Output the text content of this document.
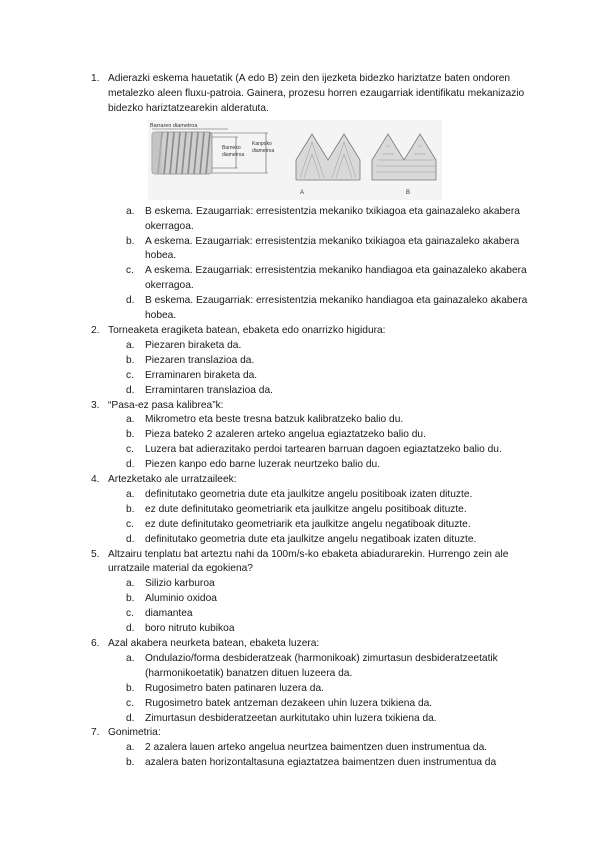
1. Adierazki eskema hauetatik (A edo B) zein den ijezketa bidezko hariztatze baten ondoren metalezko aleen fluxu-patroia. Gainera, prozesu horren ezaugarriak identifikatu mekanizazio bidezko hariztatzearekin alderatuta.
Barraren diametroa
Barneko
diametroa
Kanpoko
diametroa
A	B
a. B eskema. Ezaugarriak: erresistentzia mekaniko txikiagoa eta gainazaleko akabera okerragoa.
b. A eskema. Ezaugarriak: erresistentzia mekaniko txikiagoa eta gainazaleko akabera hobea.
c. A eskema. Ezaugarriak: erresistentzia mekaniko handiagoa eta gainazaleko akabera okerragoa.
d. B eskema. Ezaugarriak: erresistentzia mekaniko handiagoa eta gainazaleko akabera hobea.
2. Torneaketa eragiketa batean, ebaketa edo onarrizko higidura:
a. Piezaren biraketa da.
b. Piezaren translazioa da.
c. Erraminaren biraketa da.
d. Erramintaren translazioa da.
3. “Pasa-ez pasa kalibrea”k:
a. Mikrometro eta beste tresna batzuk kalibratzeko balio du.
b. Pieza bateko 2 azaleren arteko angelua egiaztatzeko balio du.
c. Luzera bat adierazitako perdoi tartearen barruan dagoen egiaztatzeko balio du.
d. Piezen kanpo edo barne luzerak neurtzeko balio du.
4. Artezketako ale urratzaileek:
a. definitutako geometria dute eta jaulkitze angelu positiboak izaten dituzte.
b. ez dute definitutako geometriarik eta jaulkitze angelu positiboak dituzte.
c. ez dute definitutako geometriarik eta jaulkitze angelu negatiboak dituzte.
d. definitutako geometria dute eta jaulkitze angelu negatiboak izaten dituzte.
5. Altzairu tenplatu bat arteztu nahi da 100m/s-ko ebaketa abiadurarekin. Hurrengo zein ale urratzaile material da egokiena?
a. Silizio karburoa
b. Aluminio oxidoa
c. diamantea
d. boro nitruto kubikoa
6. Azal akabera neurketa batean, ebaketa luzera:
a. Ondulazio/forma desbideratzeak (harmonikoak) zimurtasun desbideratzeetatik (harmonikoetatik) banatzen dituen luzeera da.
b. Rugosimetro baten patinaren luzera da.
c. Rugosimetro batek antzeman dezakeen uhin luzera txikiena da.
d. Zimurtasun desbideratzeetan aurkitutako uhin luzera txikiena da.
7. Gonimetria:
a. 2 azalera lauen arteko angelua neurtzea baimentzen duen instrumentua da.
b. azalera baten horizontaltasuna egiaztatzea baimentzen duen instrumentua da
